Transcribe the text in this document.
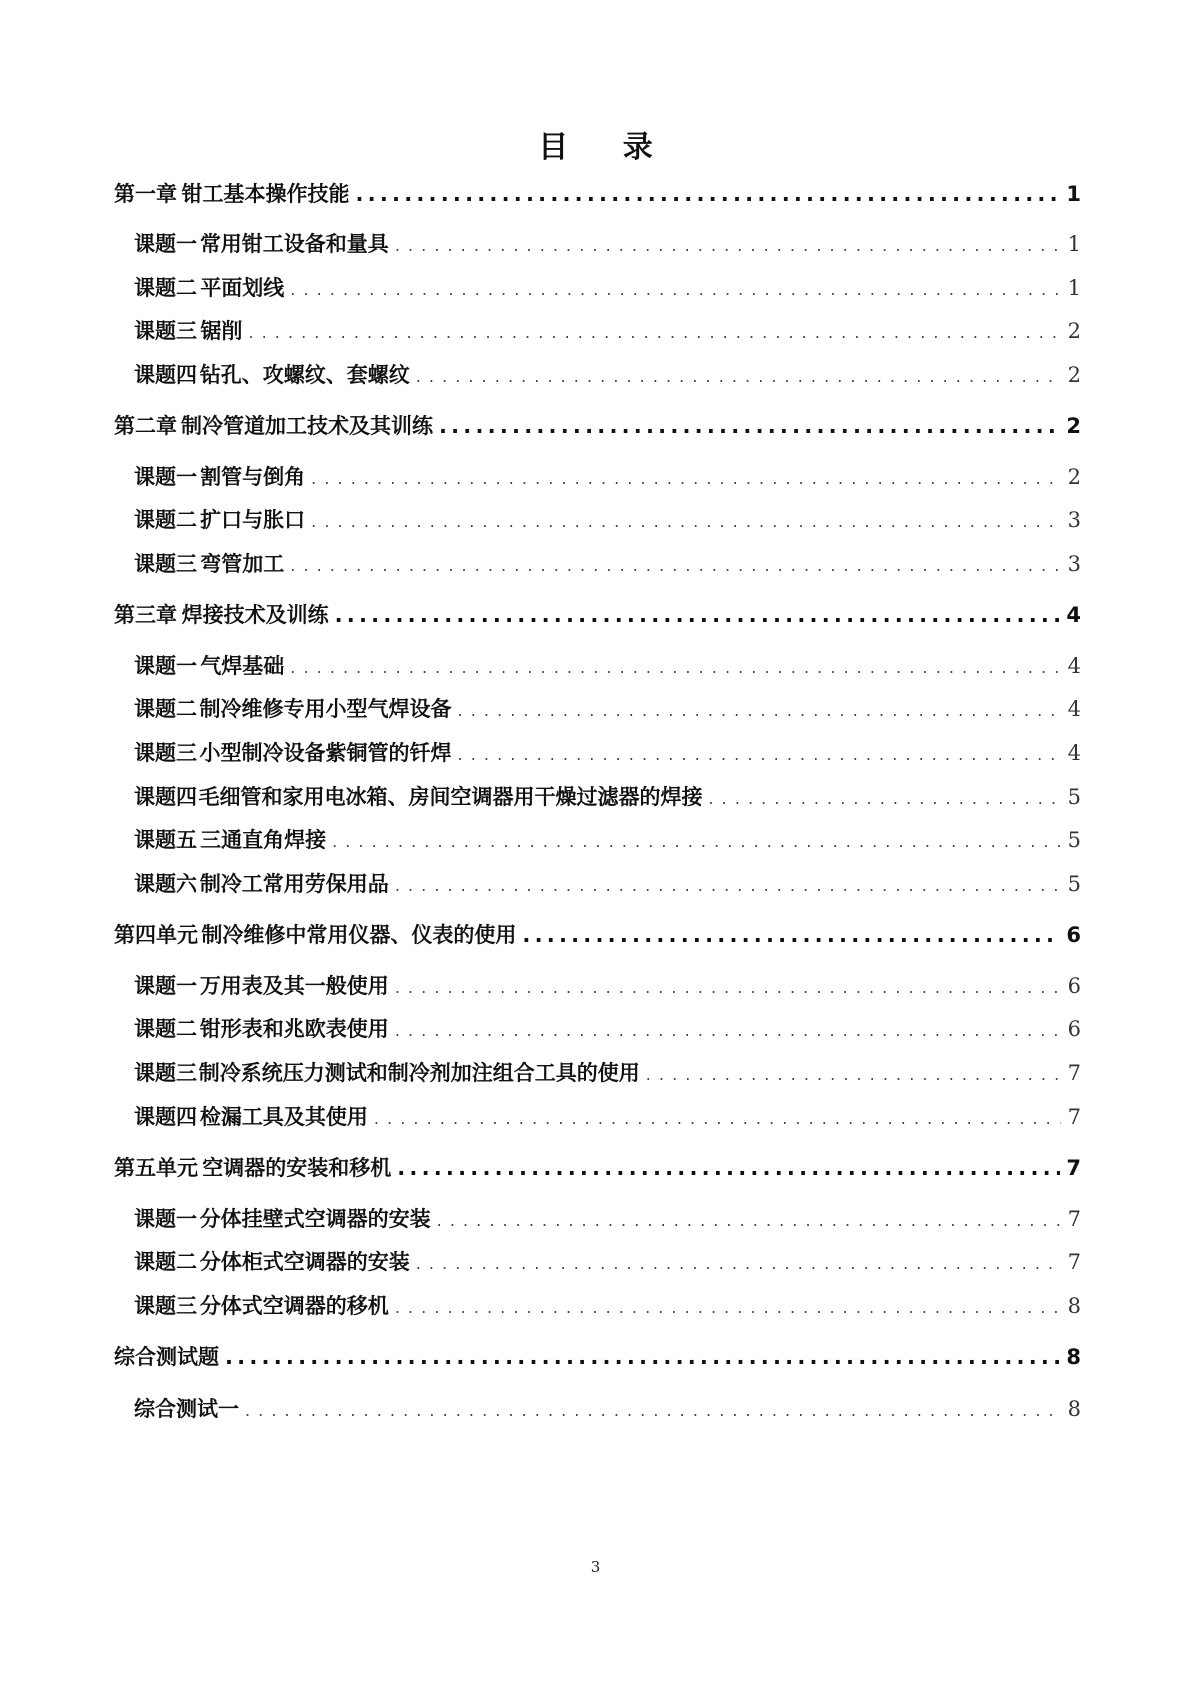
目 录
第一章 钳工基本操作技能 .....	1
课题一 常用钳工设备和量具 . . .	1
课题二 平面划线 . . .	1
课题三 锯削 . . .	2
课题四 钻孔、攻螺纹、套螺纹 . . .	2
第二章 制冷管道加工技术及其训练 .....	2
课题一 割管与倒角 . . .	2
课题二 扩口与胀口 . . .	3
课题三 弯管加工 . . .	3
第三章 焊接技术及训练 .....	4
课题一 气焊基础 . . .	4
课题二 制冷维修专用小型气焊设备 . . .	4
课题三 小型制冷设备紫铜管的钎焊 . . .	4
课题四 毛细管和家用电冰箱、房间空调器用干燥过滤器的焊接 . . .	5
课题五 三通直角焊接 . . .	5
课题六 制冷工常用劳保用品 . . .	5
第四单元 制冷维修中常用仪器、仪表的使用 .....	6
课题一 万用表及其一般使用 . . .	6
课题二 钳形表和兆欧表使用 . . .	6
课题三 制冷系统压力测试和制冷剂加注组合工具的使用 . . .	7
课题四 检漏工具及其使用 . . .	7
第五单元 空调器的安装和移机 .....	7
课题一 分体挂壁式空调器的安装 . . .	7
课题二 分体柜式空调器的安装 . . .	7
课题三 分体式空调器的移机 . . .	8
综合测试题 .....	8
综合测试一 . . .	8
3
